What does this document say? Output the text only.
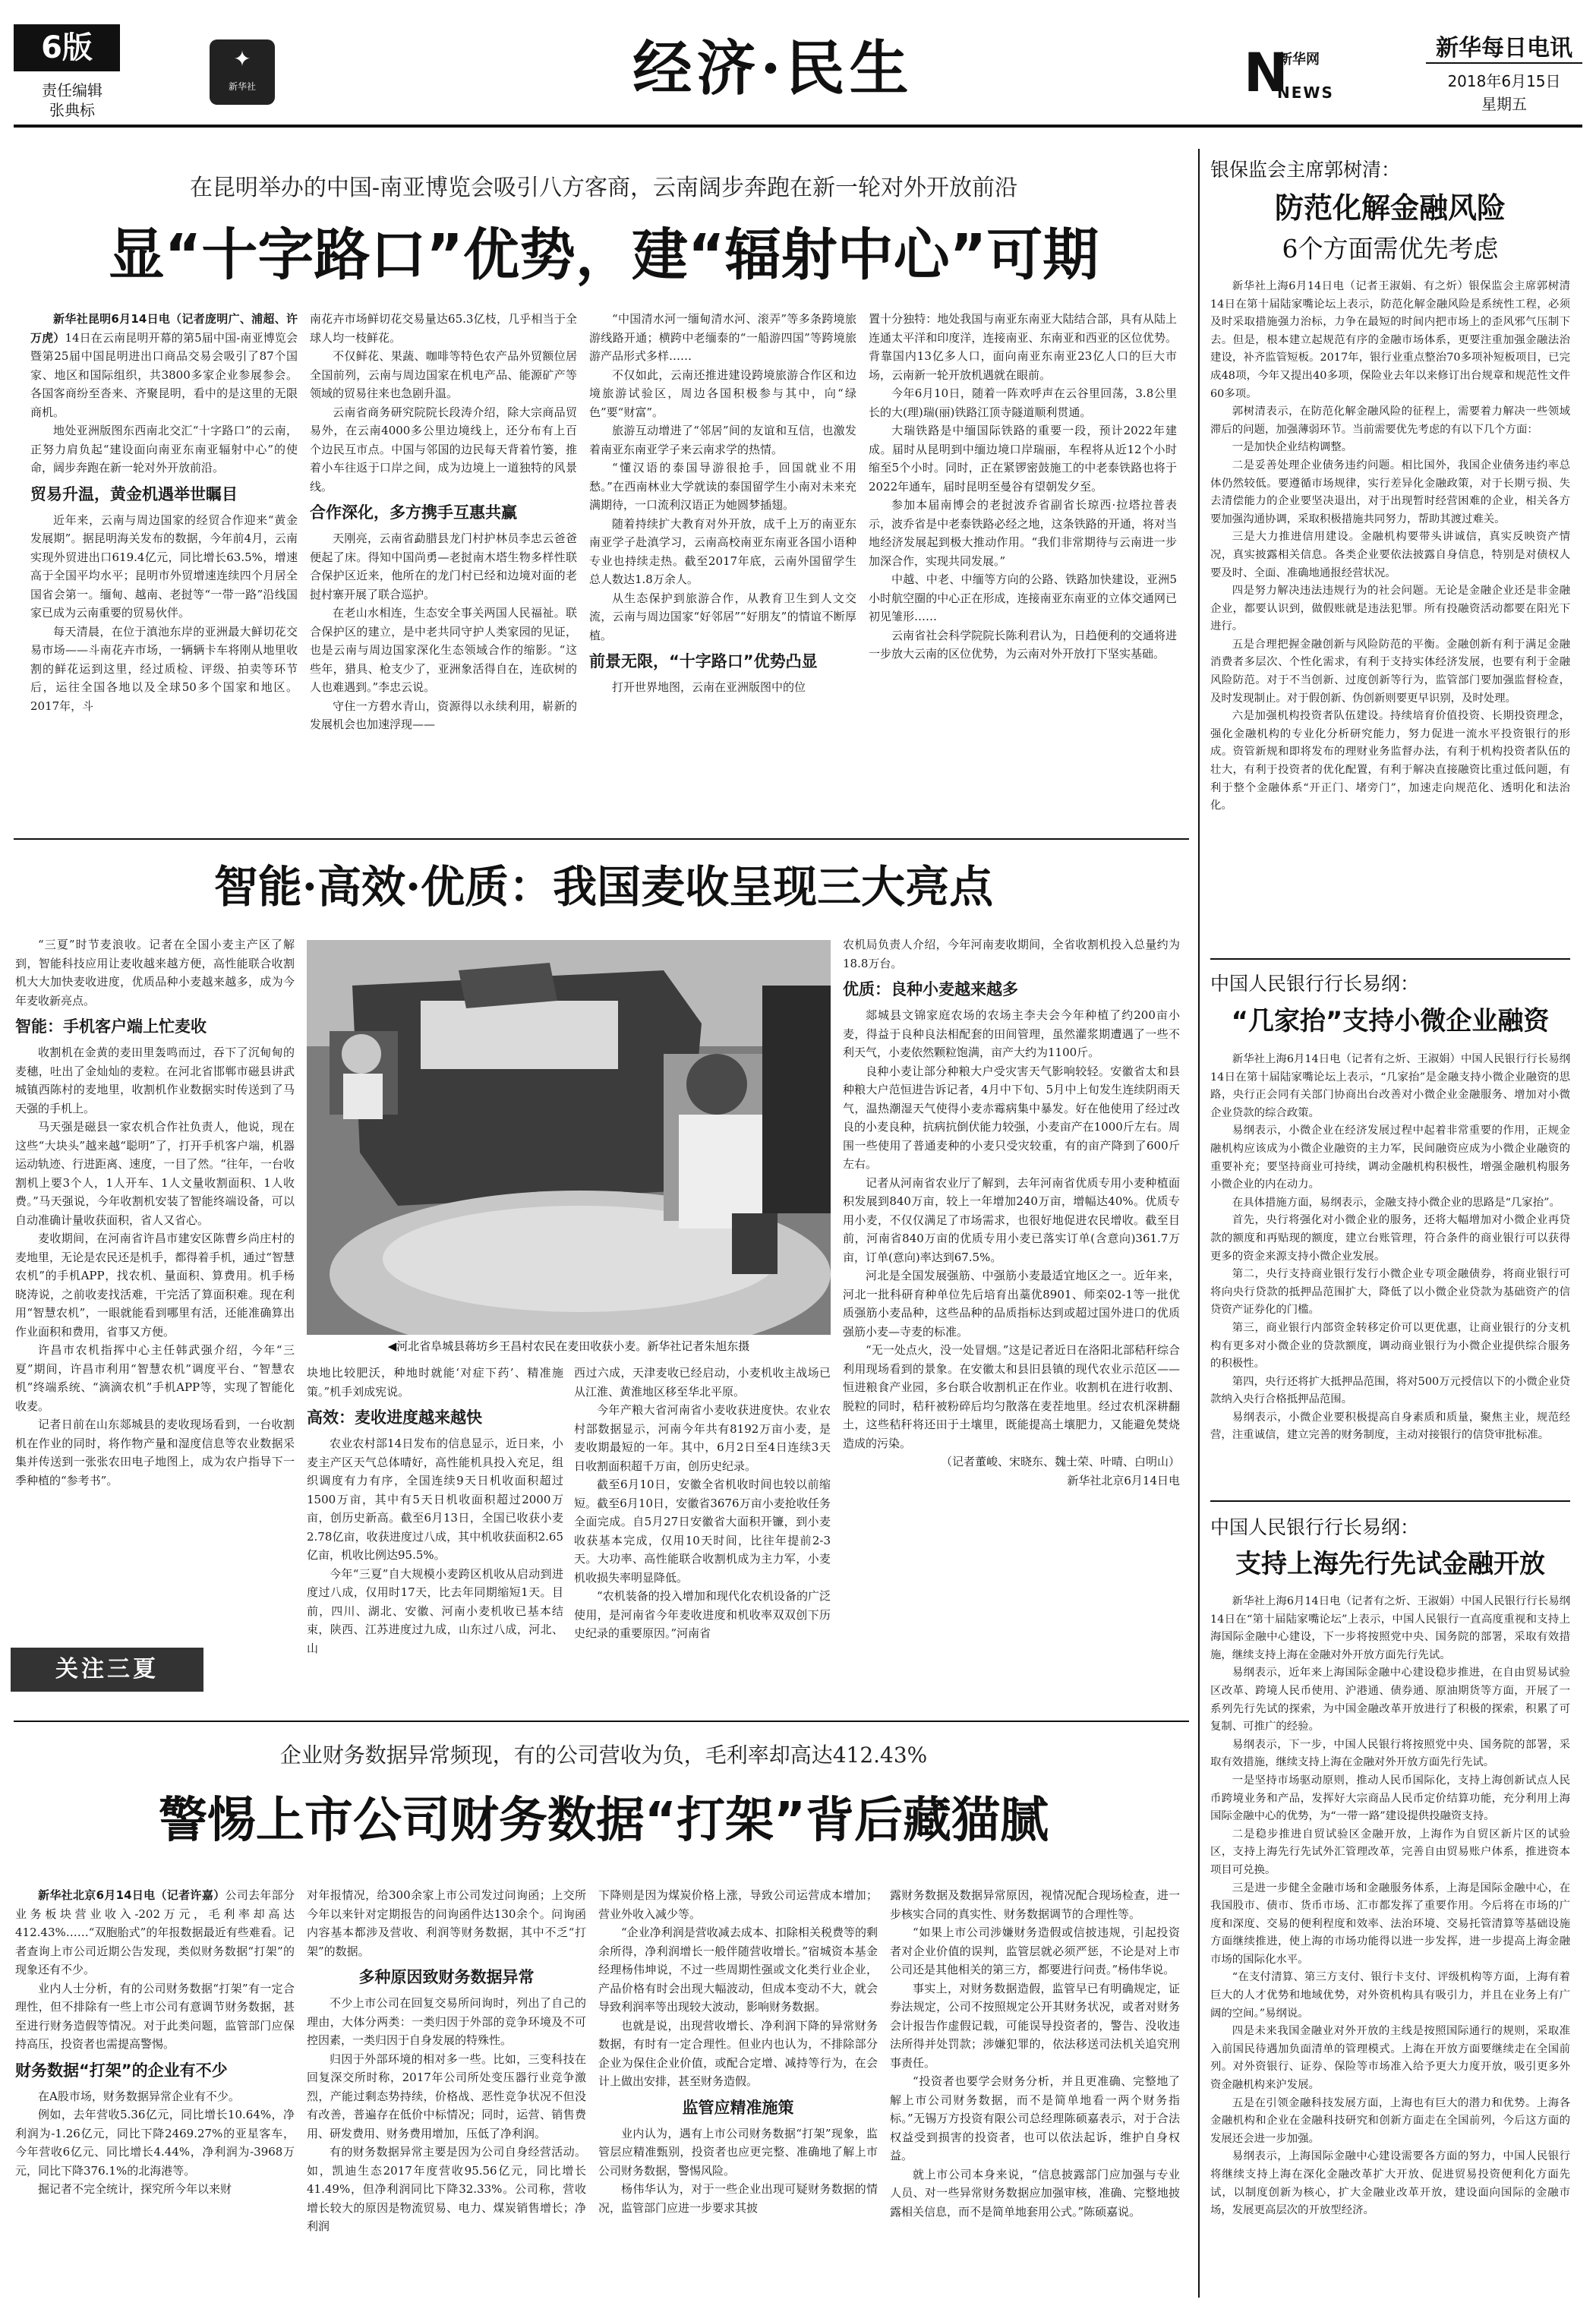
6版
责任编辑
张典标
✦
新华社	经济·民生	N
新华网
NEWS
新华每日电讯
2018年6月15日
星期五
在昆明举办的中国-南亚博览会吸引八方客商，云南阔步奔跑在新一轮对外开放前沿
显“十字路口”优势，建“辐射中心”可期

新华社昆明6月14日电（记者庞明广、浦超、许万虎）14日在云南昆明开幕的第5届中国-南亚博览会暨第25届中国昆明进出口商品交易会吸引了87个国家、地区和国际组织，共3800多家企业参展参会。各国客商纷至沓来、齐聚昆明，看中的是这里的无限商机。

地处亚洲版图东西南北交汇“十字路口”的云南，正努力肩负起“建设面向南亚东南亚辐射中心”的使命，阔步奔跑在新一轮对外开放前沿。

贸易升温，黄金机遇举世瞩目

近年来，云南与周边国家的经贸合作迎来“黄金发展期”。据昆明海关发布的数据，今年前4月，云南实现外贸进出口619.4亿元，同比增长63.5%，增速高于全国平均水平；昆明市外贸增速连续四个月居全国省会第一。缅甸、越南、老挝等“一带一路”沿线国家已成为云南重要的贸易伙伴。

每天清晨，在位于滇池东岸的亚洲最大鲜切花交易市场——斗南花卉市场，一辆辆卡车将刚从地里收割的鲜花运到这里，经过质检、评级、拍卖等环节后，运往全国各地以及全球50多个国家和地区。2017年，斗

南花卉市场鲜切花交易量达65.3亿枝，几乎相当于全球人均一枝鲜花。

不仅鲜花、果蔬、咖啡等特色农产品外贸额位居全国前列，云南与周边国家在机电产品、能源矿产等领域的贸易往来也急剧升温。

云南省商务研究院院长段涛介绍，除大宗商品贸易外，在云南4000多公里边境线上，还分布有上百个边民互市点。中国与邻国的边民每天背着竹篓，推着小车往返于口岸之间，成为边境上一道独特的风景线。

合作深化，多方携手互惠共赢

天刚亮，云南省勐腊县龙门村护林员李忠云爸爸便起了床。得知中国尚勇—老挝南木塔生物多样性联合保护区近来，他所在的龙门村已经和边境对面的老挝村寨开展了联合巡护。

在老山水相连，生态安全事关两国人民福祉。联合保护区的建立，是中老共同守护人类家园的见证，也是云南与周边国家深化生态领域合作的缩影。“这些年，猎具、枪支少了，亚洲象活得自在，连砍树的人也难遇到。”李忠云说。

守住一方碧水青山，资源得以永续利用，崭新的发展机会也加速浮现——

“中国清水河一缅甸清水河、滚弄”等多条跨境旅游线路开通；横跨中老缅泰的“一船游四国”等跨境旅游产品形式多样……

不仅如此，云南还推进建设跨境旅游合作区和边境旅游试验区，周边各国积极参与其中，向“绿色”要“财富”。

旅游互动增进了“邻居”间的友谊和互信，也激发着南亚东南亚学子来云南求学的热情。

“懂汉语的泰国导游很抢手，回国就业不用愁。”在西南林业大学就读的泰国留学生小南对未来充满期待，一口流利汉语正为她圆梦插翅。

随着持续扩大教育对外开放，成千上万的南亚东南亚学子赴滇学习，云南高校南亚东南亚各国小语种专业也持续走热。截至2017年底，云南外国留学生总人数达1.8万余人。

从生态保护到旅游合作，从教育卫生到人文交流，云南与周边国家“好邻居”“好朋友”的情谊不断厚植。

前景无限，“十字路口”优势凸显

打开世界地图，云南在亚洲版图中的位

置十分独特：地处我国与南亚东南亚大陆结合部，具有从陆上连通太平洋和印度洋，连接南亚、东南亚和西亚的区位优势。背靠国内13亿多人口，面向南亚东南亚23亿人口的巨大市场，云南新一轮开放机遇就在眼前。

今年6月10日，随着一阵欢呼声在云谷里回荡，3.8公里长的大(理)瑞(丽)铁路江顶寺隧道顺利贯通。

大瑞铁路是中缅国际铁路的重要一段，预计2022年建成。届时从昆明到中缅边境口岸瑞丽，车程将从近12个小时缩至5个小时。同时，正在紧锣密鼓施工的中老泰铁路也将于2022年通车，届时昆明至曼谷有望朝发夕至。

参加本届南博会的老挝波乔省副省长琼西·拉塔拉普表示，波乔省是中老泰铁路必经之地，这条铁路的开通，将对当地经济发展起到极大推动作用。“我们非常期待与云南进一步加深合作，实现共同发展。”

中越、中老、中缅等方向的公路、铁路加快建设，亚洲5小时航空圈的中心正在形成，连接南亚东南亚的立体交通网已初见雏形……

云南省社会科学院院长陈利君认为，日趋便利的交通将进一步放大云南的区位优势，为云南对外开放打下坚实基础。

智能·高效·优质：我国麦收呈现三大亮点

“三夏”时节麦浪收。记者在全国小麦主产区了解到，智能科技应用让麦收越来越方便，高性能联合收割机大大加快麦收进度，优质品种小麦越来越多，成为今年麦收新亮点。

智能：手机客户端上忙麦收

收割机在金黄的麦田里轰鸣而过，吞下了沉甸甸的麦穗，吐出了金灿灿的麦粒。在河北省邯郸市磁县讲武城镇西陈村的麦地里，收割机作业数据实时传送到了马天强的手机上。

马天强是磁县一家农机合作社负责人，他说，现在这些“大块头”越来越“聪明”了，打开手机客户端，机器运动轨迹、行进距离、速度，一目了然。“往年，一台收割机上要3个人，1人开车、1人文量收割面积、1人收费。”马天强说，今年收割机安装了智能终端设备，可以自动准确计量收获面积，省人又省心。

麦收期间，在河南省许昌市建安区陈曹乡尚庄村的麦地里，无论是农民还是机手，都得着手机，通过“智慧农机”的手机APP，找农机、量面积、算费用。机手杨晓涛说，之前收麦找活难，干完活了算面积难。现在利用“智慧农机”，一眼就能看到哪里有活，还能准确算出作业面积和费用，省事又方便。

许昌市农机指挥中心主任韩武强介绍，今年“三夏”期间，许昌市利用“智慧农机”调度平台、“智慧农机”终端系统、“滴滴农机”手机APP等，实现了智能化收麦。

记者日前在山东郯城县的麦收现场看到，一台收割机在作业的同时，将作物产量和湿度信息等农业数据采集并传送到一张张农田电子地图上，成为农户指导下一季种植的“参考书”。

◀河北省阜城县蒋坊乡王昌村农民在麦田收获小麦。新华社记者朱旭东摄

块地比较肥沃，种地时就能‘对症下药’、精准施策。”机手刘成宪说。

高效：麦收进度越来越快

农业农村部14日发布的信息显示，近日来，小麦主产区天气总体晴好，高性能机具投入充足，组织调度有力有序，全国连续9天日机收面积超过1500万亩，其中有5天日机收面积超过2000万亩，创历史新高。截至6月13日，全国已收获小麦2.78亿亩，收获进度过八成，其中机收获面积2.65亿亩，机收比例达95.5%。

今年“三夏”自大规模小麦跨区机收从启动到进度过八成，仅用时17天，比去年同期缩短1天。目前，四川、湖北、安徽、河南小麦机收已基本结束，陕西、江苏进度过九成，山东过八成，河北、山

西过六成，天津麦收已经启动，小麦机收主战场已从江淮、黄淮地区移至华北平原。

今年产粮大省河南省小麦收获进度快。农业农村部数据显示，河南今年共有8192万亩小麦，是麦收期最短的一年。其中，6月2日至4日连续3天日收割面积超千万亩，创历史纪录。

截至6月10日，安徽全省机收时间也较以前缩短。截至6月10日，安徽省3676万亩小麦抢收任务全面完成。自5月27日安徽省大面积开镰，到小麦收获基本完成，仅用10天时间，比往年提前2-3天。大功率、高性能联合收割机成为主力军，小麦机收损失率明显降低。

“农机装备的投入增加和现代化农机设备的广泛使用，是河南省今年麦收进度和机收率双双创下历史纪录的重要原因。”河南省

农机局负责人介绍，今年河南麦收期间，全省收割机投入总量约为18.8万台。

优质：良种小麦越来越多

郯城县文锦家庭农场的农场主李夫会今年种植了约200亩小麦，得益于良种良法相配套的田间管理，虽然灌浆期遭遇了一些不利天气，小麦依然颗粒饱满，亩产大约为1100斤。

良种小麦让部分种粮大户受灾害天气影响较轻。安徽省太和县种粮大户范恒进告诉记者，4月中下旬、5月中上旬发生连续阴雨天气，温热潮湿天气使得小麦赤霉病集中暴发。好在他使用了经过改良的小麦良种，抗病抗倒伏能力较强，小麦亩产在1000斤左右。周围一些使用了普通麦种的小麦只受灾较重，有的亩产降到了600斤左右。

记者从河南省农业厅了解到，去年河南省优质专用小麦种植面积发展到840万亩，较上一年增加240万亩，增幅达40%。优质专用小麦，不仅仅满足了市场需求，也很好地促进农民增收。截至目前，河南省840万亩的优质专用小麦已落实订单(含意向)361.7万亩，订单(意向)率达到67.5%。

河北是全国发展强筋、中强筋小麦最适宜地区之一。近年来，河北一批科研育种单位先后培育出藁优8901、师栾02-1等一批优质强筋小麦品种，这些品种的品质指标达到或超过国外进口的优质强筋小麦—寺麦的标准。

“无一处点火，没一处冒烟。”这是记者近日在洛阳北部秸秆综合利用现场看到的景象。在安徽太和县旧县镇的现代农业示范区——恒进粮食产业园，多台联合收割机正在作业。收割机在进行收割、脱粒的同时，秸秆被粉碎后均匀散落在麦茬地里。经过农机深耕翻土，这些秸秆将还田于土壤里，既能提高土壤肥力，又能避免焚烧造成的污染。

（记者董峻、宋晓东、魏士荣、叶晴、白明山）

新华社北京6月14日电

关注三夏
企业财务数据异常频现，有的公司营收为负，毛利率却高达412.43%
警惕上市公司财务数据“打架”背后藏猫腻

新华社北京6月14日电（记者许嘉）公司去年部分业务板块营业收入-202万元，毛利率却高达412.43%……“双胞胎式”的年报数据最近有些难看。记者查询上市公司近期公告发现，类似财务数据“打架”的现象还有不少。

业内人士分析，有的公司财务数据“打架”有一定合理性，但不排除有一些上市公司有意调节财务数据，甚至进行财务造假等情况。对于此类问题，监管部门应保持高压，投资者也需提高警惕。

财务数据“打架”的企业有不少

在A股市场，财务数据异常企业有不少。

例如，去年营收5.36亿元，同比增长10.64%，净利润为-1.26亿元，同比下降2469.27%的亚星客车，今年营收6亿元、同比增长4.44%，净利润为-3968万元，同比下降376.1%的北海港等。

掘记者不完全统计，探究所今年以来财

对年报情况，给300余家上市公司发过问询函；上交所今年以来针对定期报告的问询函件达130余个。问询函内容基本都涉及营收、利润等财务数据，其中不乏“打架”的数据。

多种原因致财务数据异常

不少上市公司在回复交易所问询时，列出了自己的理由，大体分两类：一类归因于外部的竞争环境及不可控因素，一类归因于自身发展的特殊性。

归因于外部环境的相对多一些。比如，三变科技在回复深交所时称，2017年公司所处变压器行业竞争激烈，产能过剩态势持续，价格战、恶性竞争状况不但没有改善，普遍存在低价中标情况；同时，运营、销售费用、研发费用、财务费用增加，压低了净利润。

有的财务数据异常主要是因为公司自身经营活动。如，凯迪生态2017年度营收95.56亿元，同比增长41.49%，但净利润同比下降32.33%。公司称，营收增长较大的原因是物流贸易、电力、煤炭销售增长；净利润

下降则是因为煤炭价格上涨，导致公司运营成本增加；营业外收入减少等。

“企业净利润是营收减去成本、扣除相关税费等的剩余所得，净利润增长一般伴随营收增长。”宿城资本基金经理杨伟坤说，不过一些周期性强或文化类行业企业，产品价格有时会出现大幅波动，但成本变动不大，就会导致利润率等出现较大波动，影响财务数据。

也就是说，出现营收增长、净利润下降的异常财务数据，有时有一定合理性。但业内也认为，不排除部分企业为保住企业价值，或配合定增、减持等行为，在会计上做出安排，甚至财务造假。

监管应精准施策

业内认为，遇有上市公司财务数据“打架”现象，监管层应精准甄别，投资者也应更完整、准确地了解上市公司财务数据，警惕风险。

杨伟华认为，对于一些企业出现可疑财务数据的情况，监管部门应进一步要求其披

露财务数据及数据异常原因，视情况配合现场检查，进一步核实合同的真实性、财务数据调节的合理性等。

“如果上市公司涉嫌财务造假或信披违规，引起投资者对企业价值的误判，监管层就必须严惩，不论是对上市公司还是其他相关的第三方，都要进行问责。”杨伟华说。

事实上，对财务数据造假，监管早已有明确规定，证券法规定，公司不按照规定公开其财务状况，或者对财务会计报告作虚假记载，可能误导投资者的，警告、没收违法所得并处罚款；涉嫌犯罪的，依法移送司法机关追究刑事责任。

“投资者也要学会财务分析，并且更准确、完整地了解上市公司财务数据，而不是简单地看一两个财务指标。”无锡万方投资有限公司总经理陈硕嘉表示，对于合法权益受到损害的投资者，也可以依法起诉，维护自身权益。

就上市公司本身来说，“信息披露部门应加强与专业人员、对一些异常财务数据应加强审核，准确、完整地披露相关信息，而不是简单地套用公式。”陈硕嘉说。

银保监会主席郭树清：
防范化解金融风险
6个方面需优先考虑

新华社上海6月14日电（记者王淑娟、有之炘）银保监会主席郭树清14日在第十届陆家嘴论坛上表示，防范化解金融风险是系统性工程，必须及时采取措施强力治标，力争在最短的时间内把市场上的歪风邪气压制下去。但是，根本建立起规范有序的金融市场体系，更要注重加强金融法治建设，补齐监管短板。2017年，银行业重点整治70多项补短板项目，已完成48项，今年又提出40多项，保险业去年以来修订出台规章和规范性文件60多项。

郭树清表示，在防范化解金融风险的征程上，需要着力解决一些领域滞后的问题，加强薄弱环节。当前需要优先考虑的有以下几个方面：

一是加快企业结构调整。

二是妥善处理企业债务违约问题。相比国外，我国企业债务违约率总体仍然较低。要遵循市场规律，实行差异化金融政策，对于长期亏损、失去清偿能力的企业要坚决退出，对于出现暂时经营困难的企业，相关各方要加强沟通协调，采取积极措施共同努力，帮助其渡过难关。

三是大力推进信用建设。金融机构要带头讲诚信，真实反映资产情况，真实披露相关信息。各类企业要依法披露自身信息，特别是对债权人要及时、全面、准确地通报经营状况。

四是努力解决违法违规行为的社会问题。无论是金融企业还是非金融企业，都要认识到，做假账就是违法犯罪。所有投融资活动都要在阳光下进行。

五是合理把握金融创新与风险防范的平衡。金融创新有利于满足金融消费者多层次、个性化需求，有利于支持实体经济发展，也要有利于金融风险防范。对于不当创新、过度创新等行为，监管部门要加强监督检查，及时发现制止。对于假创新、伪创新则要更早识别，及时处理。

六是加强机构投资者队伍建设。持续培育价值投资、长期投资理念，强化金融机构的专业化分析研究能力，努力促进一流水平投资银行的形成。资管新规和即将发布的理财业务监督办法，有利于机构投资者队伍的壮大，有利于投资者的优化配置，有利于解决直接融资比重过低问题，有利于整个金融体系“开正门、堵旁门”，加速走向规范化、透明化和法治化。

中国人民银行行长易纲：
“几家抬”支持小微企业融资

新华社上海6月14日电（记者有之炘、王淑娟）中国人民银行行长易纲14日在第十届陆家嘴论坛上表示，“几家抬”是金融支持小微企业融资的思路，央行正会同有关部门协商出台改善对小微企业金融服务、增加对小微企业贷款的综合政策。

易纲表示，小微企业在经济发展过程中起着非常重要的作用，正规金融机构应该成为小微企业融资的主力军，民间融资应成为小微企业融资的重要补充；要坚持商业可持续，调动金融机构积极性，增强金融机构服务小微企业的内在动力。

在具体措施方面，易纲表示，金融支持小微企业的思路是“几家抬”。

首先，央行将强化对小微企业的服务，还将大幅增加对小微企业再贷款的额度和再贴现的额度，建立台账管理，符合条件的商业银行可以获得更多的资金来源支持小微企业发展。

第二，央行支持商业银行发行小微企业专项金融债券，将商业银行可将向央行贷款的抵押品范围扩大，降低了以小微企业贷款为基础资产的信贷资产证券化的门槛。

第三，商业银行内部资金转移定价可以更优惠，让商业银行的分支机构有更多对小微企业的贷款额度，调动商业银行为小微企业提供综合服务的积极性。

第四，央行还将扩大抵押品范围，将对500万元授信以下的小微企业贷款纳入央行合格抵押品范围。

易纲表示，小微企业要积极提高自身素质和质量，聚焦主业，规范经营，注重诚信，建立完善的财务制度，主动对接银行的信贷审批标准。

中国人民银行行长易纲：
支持上海先行先试金融开放

新华社上海6月14日电（记者有之炘、王淑娟）中国人民银行行长易纲14日在“第十届陆家嘴论坛”上表示，中国人民银行一直高度重视和支持上海国际金融中心建设，下一步将按照党中央、国务院的部署，采取有效措施，继续支持上海在金融对外开放方面先行先试。

易纲表示，近年来上海国际金融中心建设稳步推进，在自由贸易试验区改革、跨境人民币使用、沪港通、债券通、原油期货等方面，开展了一系列先行先试的探索，为中国金融改革开放进行了积极的探索，积累了可复制、可推广的经验。

易纲表示，下一步，中国人民银行将按照党中央、国务院的部署，采取有效措施，继续支持上海在金融对外开放方面先行先试。

一是坚持市场驱动原则，推动人民币国际化，支持上海创新试点人民币跨境业务和产品，发挥好大宗商品人民币定价结算功能，充分利用上海国际金融中心的优势，为“一带一路”建设提供投融资支持。

二是稳步推进自贸试验区金融开放，上海作为自贸区新片区的试验区，支持上海先行先试外汇管理改革，完善自由贸易账户体系，推进资本项目可兑换。

三是进一步健全金融市场和金融服务体系，上海是国际金融中心，在我国股市、债市、货币市场、汇市都发挥了重要作用。今后将在市场的广度和深度、交易的便利程度和效率、法治环境、交易托管清算等基础设施方面继续推进，使上海的市场功能得以进一步发挥，进一步提高上海金融市场的国际化水平。

“在支付清算、第三方支付、银行卡支付、评级机构等方面，上海有着巨大的人才优势和地域优势，对外资机构具有吸引力，并且在业务上有广阔的空间。”易纲说。

四是未来我国金融业对外开放的主线是按照国际通行的规则，采取准入前国民待遇加负面清单的管理模式。上海在开放方面要继续走在全国前列。对外资银行、证券、保险等市场准入给予更大力度开放，吸引更多外资金融机构来沪发展。

五是在引领金融科技发展方面，上海也有巨大的潜力和优势。上海各金融机构和企业在金融科技研究和创新方面走在全国前列，今后这方面的发展还会进一步加强。

易纲表示，上海国际金融中心建设需要各方面的努力，中国人民银行将继续支持上海在深化金融改革扩大开放、促进贸易投资便利化方面先试，以制度创新为核心，扩大金融业改革开放，建设面向国际的金融市场，发展更高层次的开放型经济。
